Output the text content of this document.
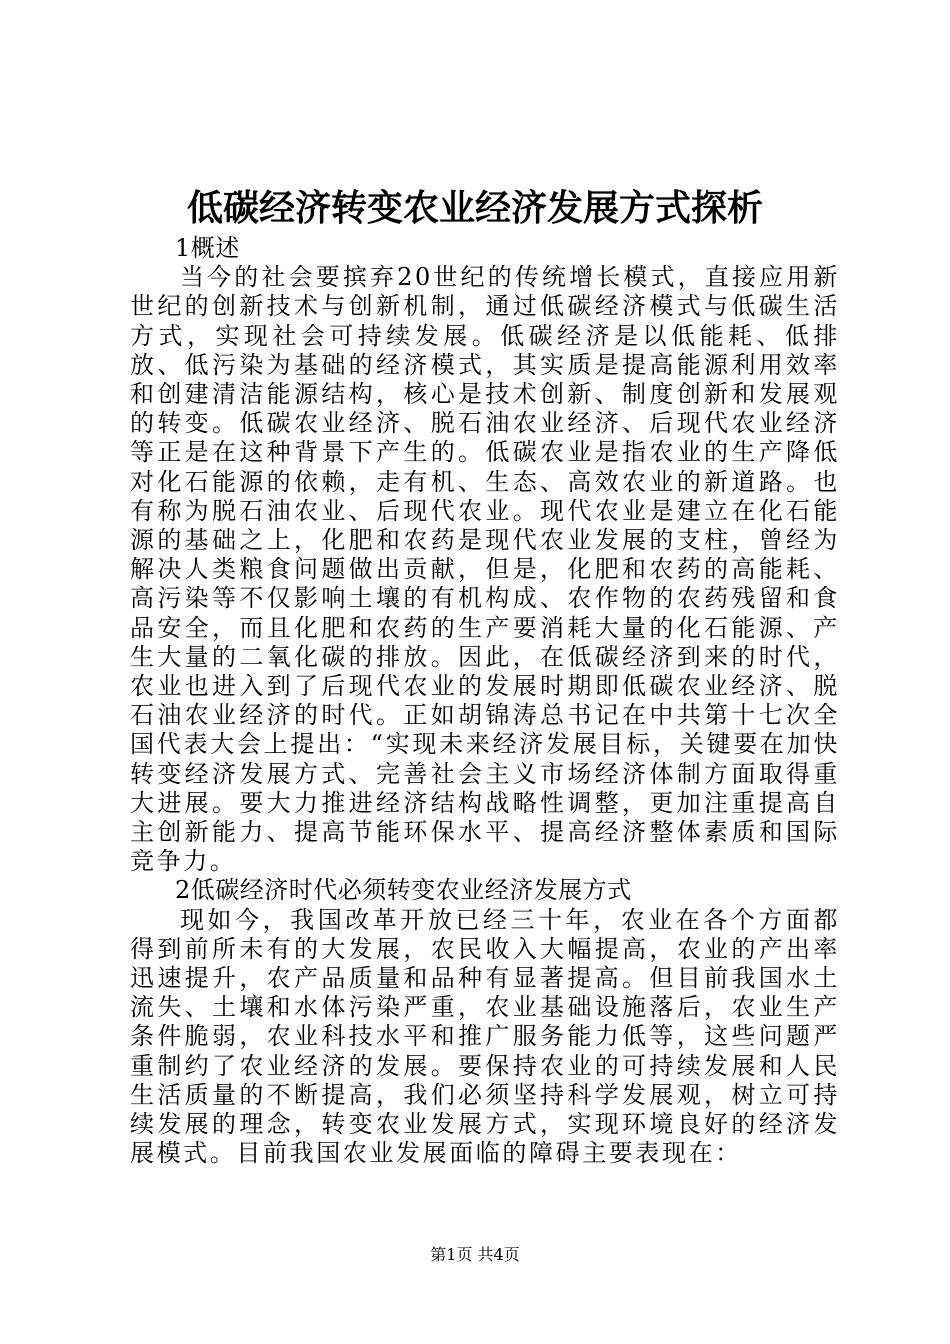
低碳经济转变农业经济发展方式探析

1概述

当今的社会要摈弃20世纪的传统增长模式，直接应用新世纪的创新技术与创新机制，通过低碳经济模式与低碳生活方式，实现社会可持续发展。低碳经济是以低能耗、低排放、低污染为基础的经济模式，其实质是提高能源利用效率和创建清洁能源结构，核心是技术创新、制度创新和发展观的转变。低碳农业经济、脱石油农业经济、后现代农业经济等正是在这种背景下产生的。低碳农业是指农业的生产降低对化石能源的依赖，走有机、生态、高效农业的新道路。也有称为脱石油农业、后现代农业。现代农业是建立在化石能源的基础之上，化肥和农药是现代农业发展的支柱，曾经为解决人类粮食问题做出贡献，但是，化肥和农药的高能耗、高污染等不仅影响土壤的有机构成、农作物的农药残留和食品安全，而且化肥和农药的生产要消耗大量的化石能源、产生大量的二氧化碳的排放。因此，在低碳经济到来的时代，农业也进入到了后现代农业的发展时期即低碳农业经济、脱石油农业经济的时代。正如胡锦涛总书记在中共第十七次全国代表大会上提出：“实现未来经济发展目标，关键要在加快转变经济发展方式、完善社会主义市场经济体制方面取得重大进展。要大力推进经济结构战略性调整，更加注重提高自主创新能力、提高节能环保水平、提高经济整体素质和国际竞争力。

2低碳经济时代必须转变农业经济发展方式

现如今，我国改革开放已经三十年，农业在各个方面都得到前所未有的大发展，农民收入大幅提高，农业的产出率迅速提升，农产品质量和品种有显著提高。但目前我国水土流失、土壤和水体污染严重，农业基础设施落后，农业生产条件脆弱，农业科技水平和推广服务能力低等，这些问题严重制约了农业经济的发展。要保持农业的可持续发展和人民生活质量的不断提高，我们必须坚持科学发展观，树立可持续发展的理念，转变农业发展方式，实现环境良好的经济发展模式。目前我国农业发展面临的障碍主要表现在：

第1页 共4页
